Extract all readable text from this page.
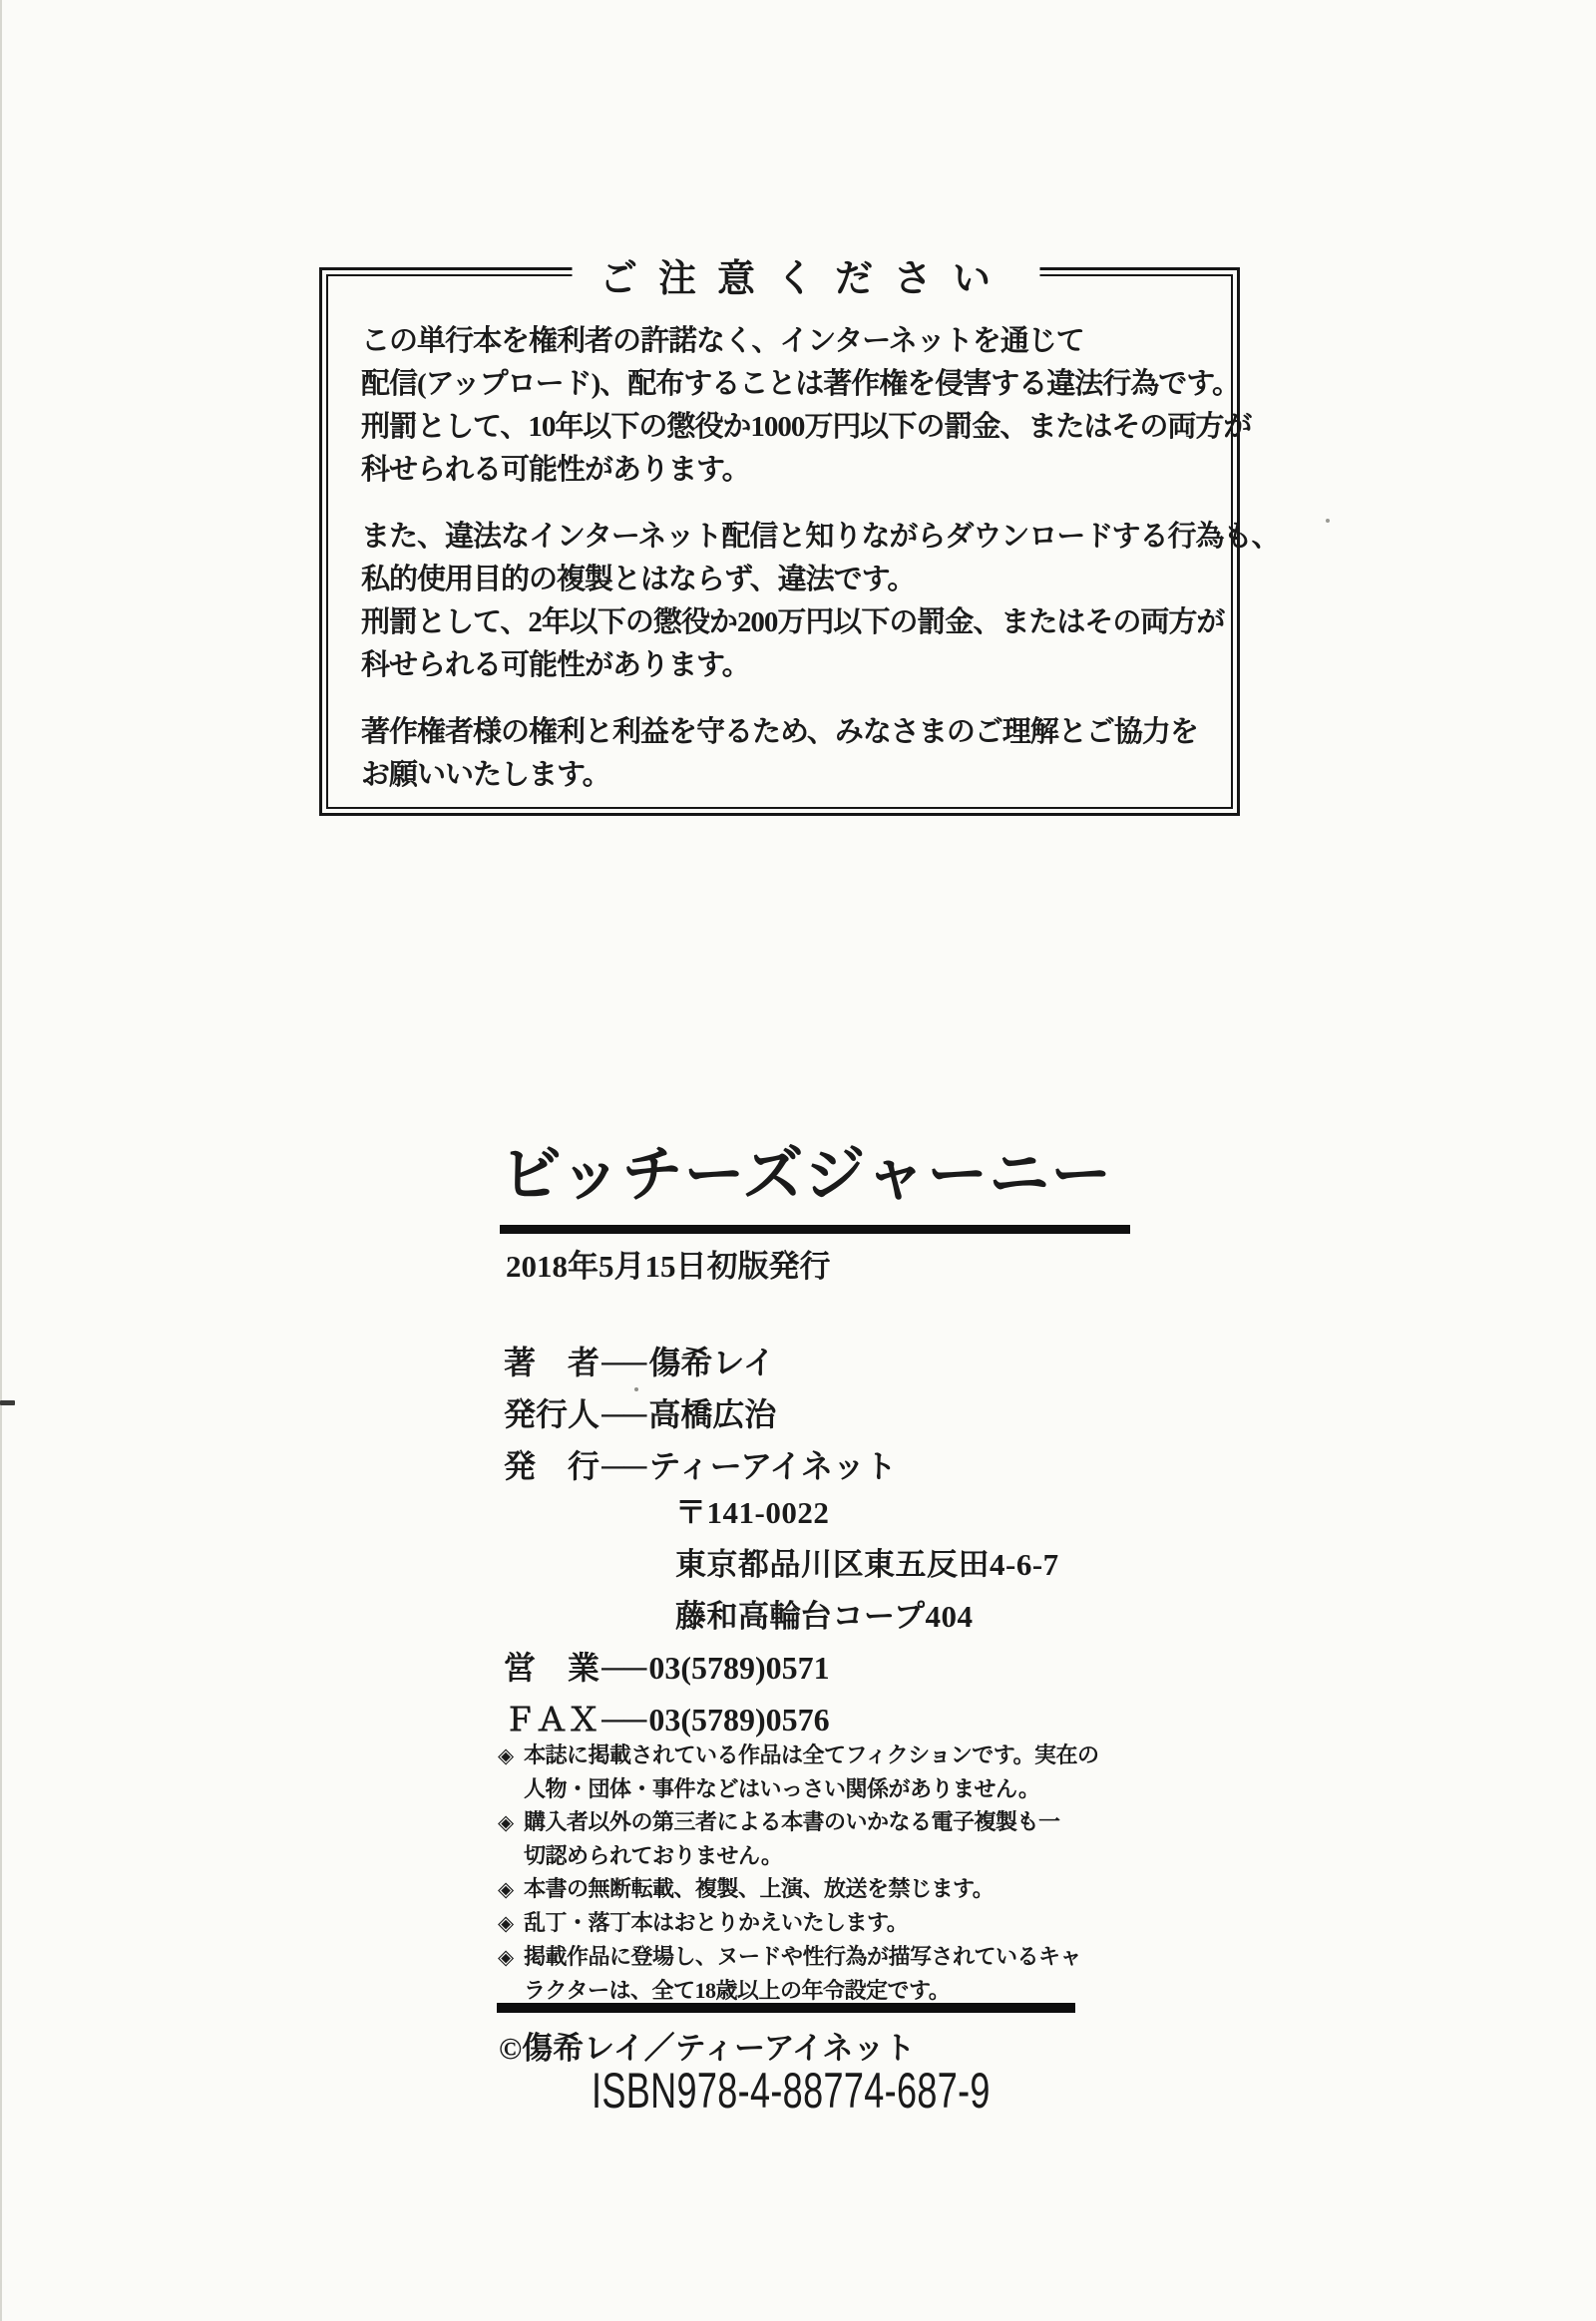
ご注意ください

この単行本を権利者の許諾なく、インターネットを通じて
配信(アップロード)、配布することは著作権を侵害する違法行為です。
刑罰として、10年以下の懲役か1000万円以下の罰金、またはその両方が
科せられる可能性があります。

また、違法なインターネット配信と知りながらダウンロードする行為も、
私的使用目的の複製とはならず、違法です。
刑罰として、2年以下の懲役か200万円以下の罰金、またはその両方が
科せられる可能性があります。

著作権者様の権利と利益を守るため、みなさまのご理解とご協力を
お願いいたします。

ビッチーズジャーニー
2018年5月15日初版発行
著　者──傷希レイ
発行人──高橋広治
発　行──ティーアイネット
〒141-0022
東京都品川区東五反田4-6-7
藤和高輪台コープ404
営　業──03(5789)0571
ＦＡＸ──03(5789)0576
◈ 本誌に掲載されている作品は全てフィクションです。実在の
人物・団体・事件などはいっさい関係がありません。
◈ 購入者以外の第三者による本書のいかなる電子複製も一
切認められておりません。
◈ 本書の無断転載、複製、上演、放送を禁じます。
◈ 乱丁・落丁本はおとりかえいたします。
◈ 掲載作品に登場し、ヌードや性行為が描写されているキャ
ラクターは、全て18歳以上の年令設定です。
©傷希レイ／ティーアイネット
ISBN978-4-88774-687-9
